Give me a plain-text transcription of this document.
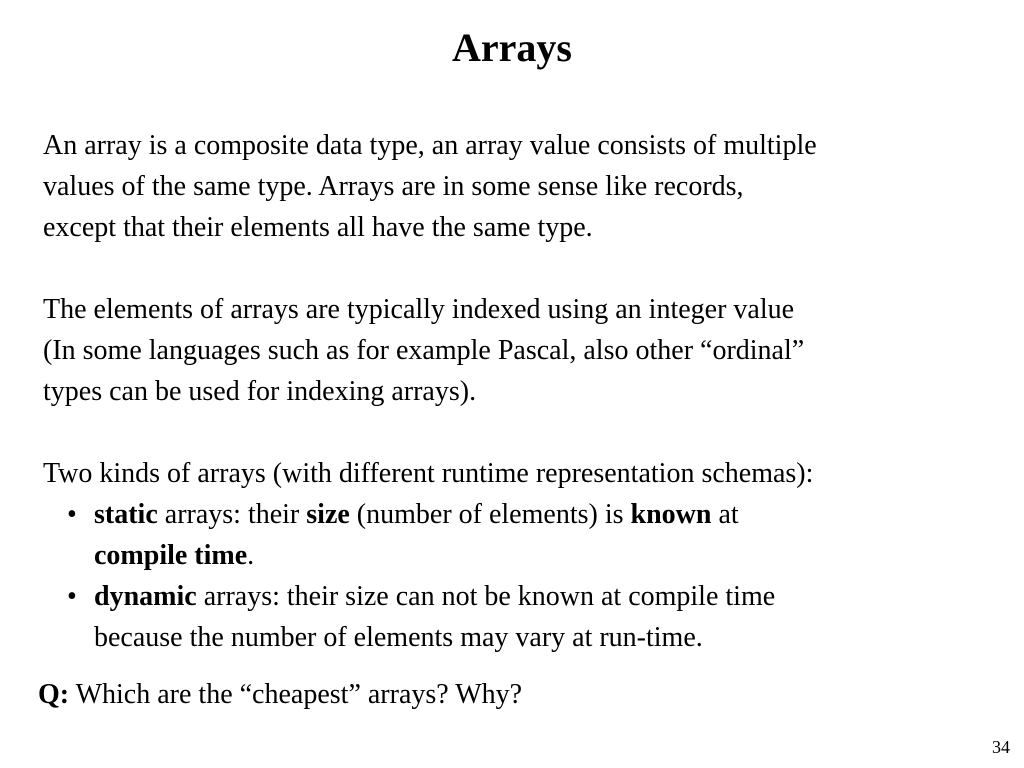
Arrays

An array is a composite data type, an array value consists of multiple
values of the same type. Arrays are in some sense like records,
except that their elements all have the same type.

The elements of arrays are typically indexed using an integer value
(In some languages such as for example Pascal, also other “ordinal”
types can be used for indexing arrays).

Two kinds of arrays (with different runtime representation schemas):

• static arrays: their size (number of elements) is known at
compile time.
• dynamic arrays: their size can not be known at compile time
because the number of elements may vary at run-time.
Q: Which are the “cheapest” arrays? Why?
34
